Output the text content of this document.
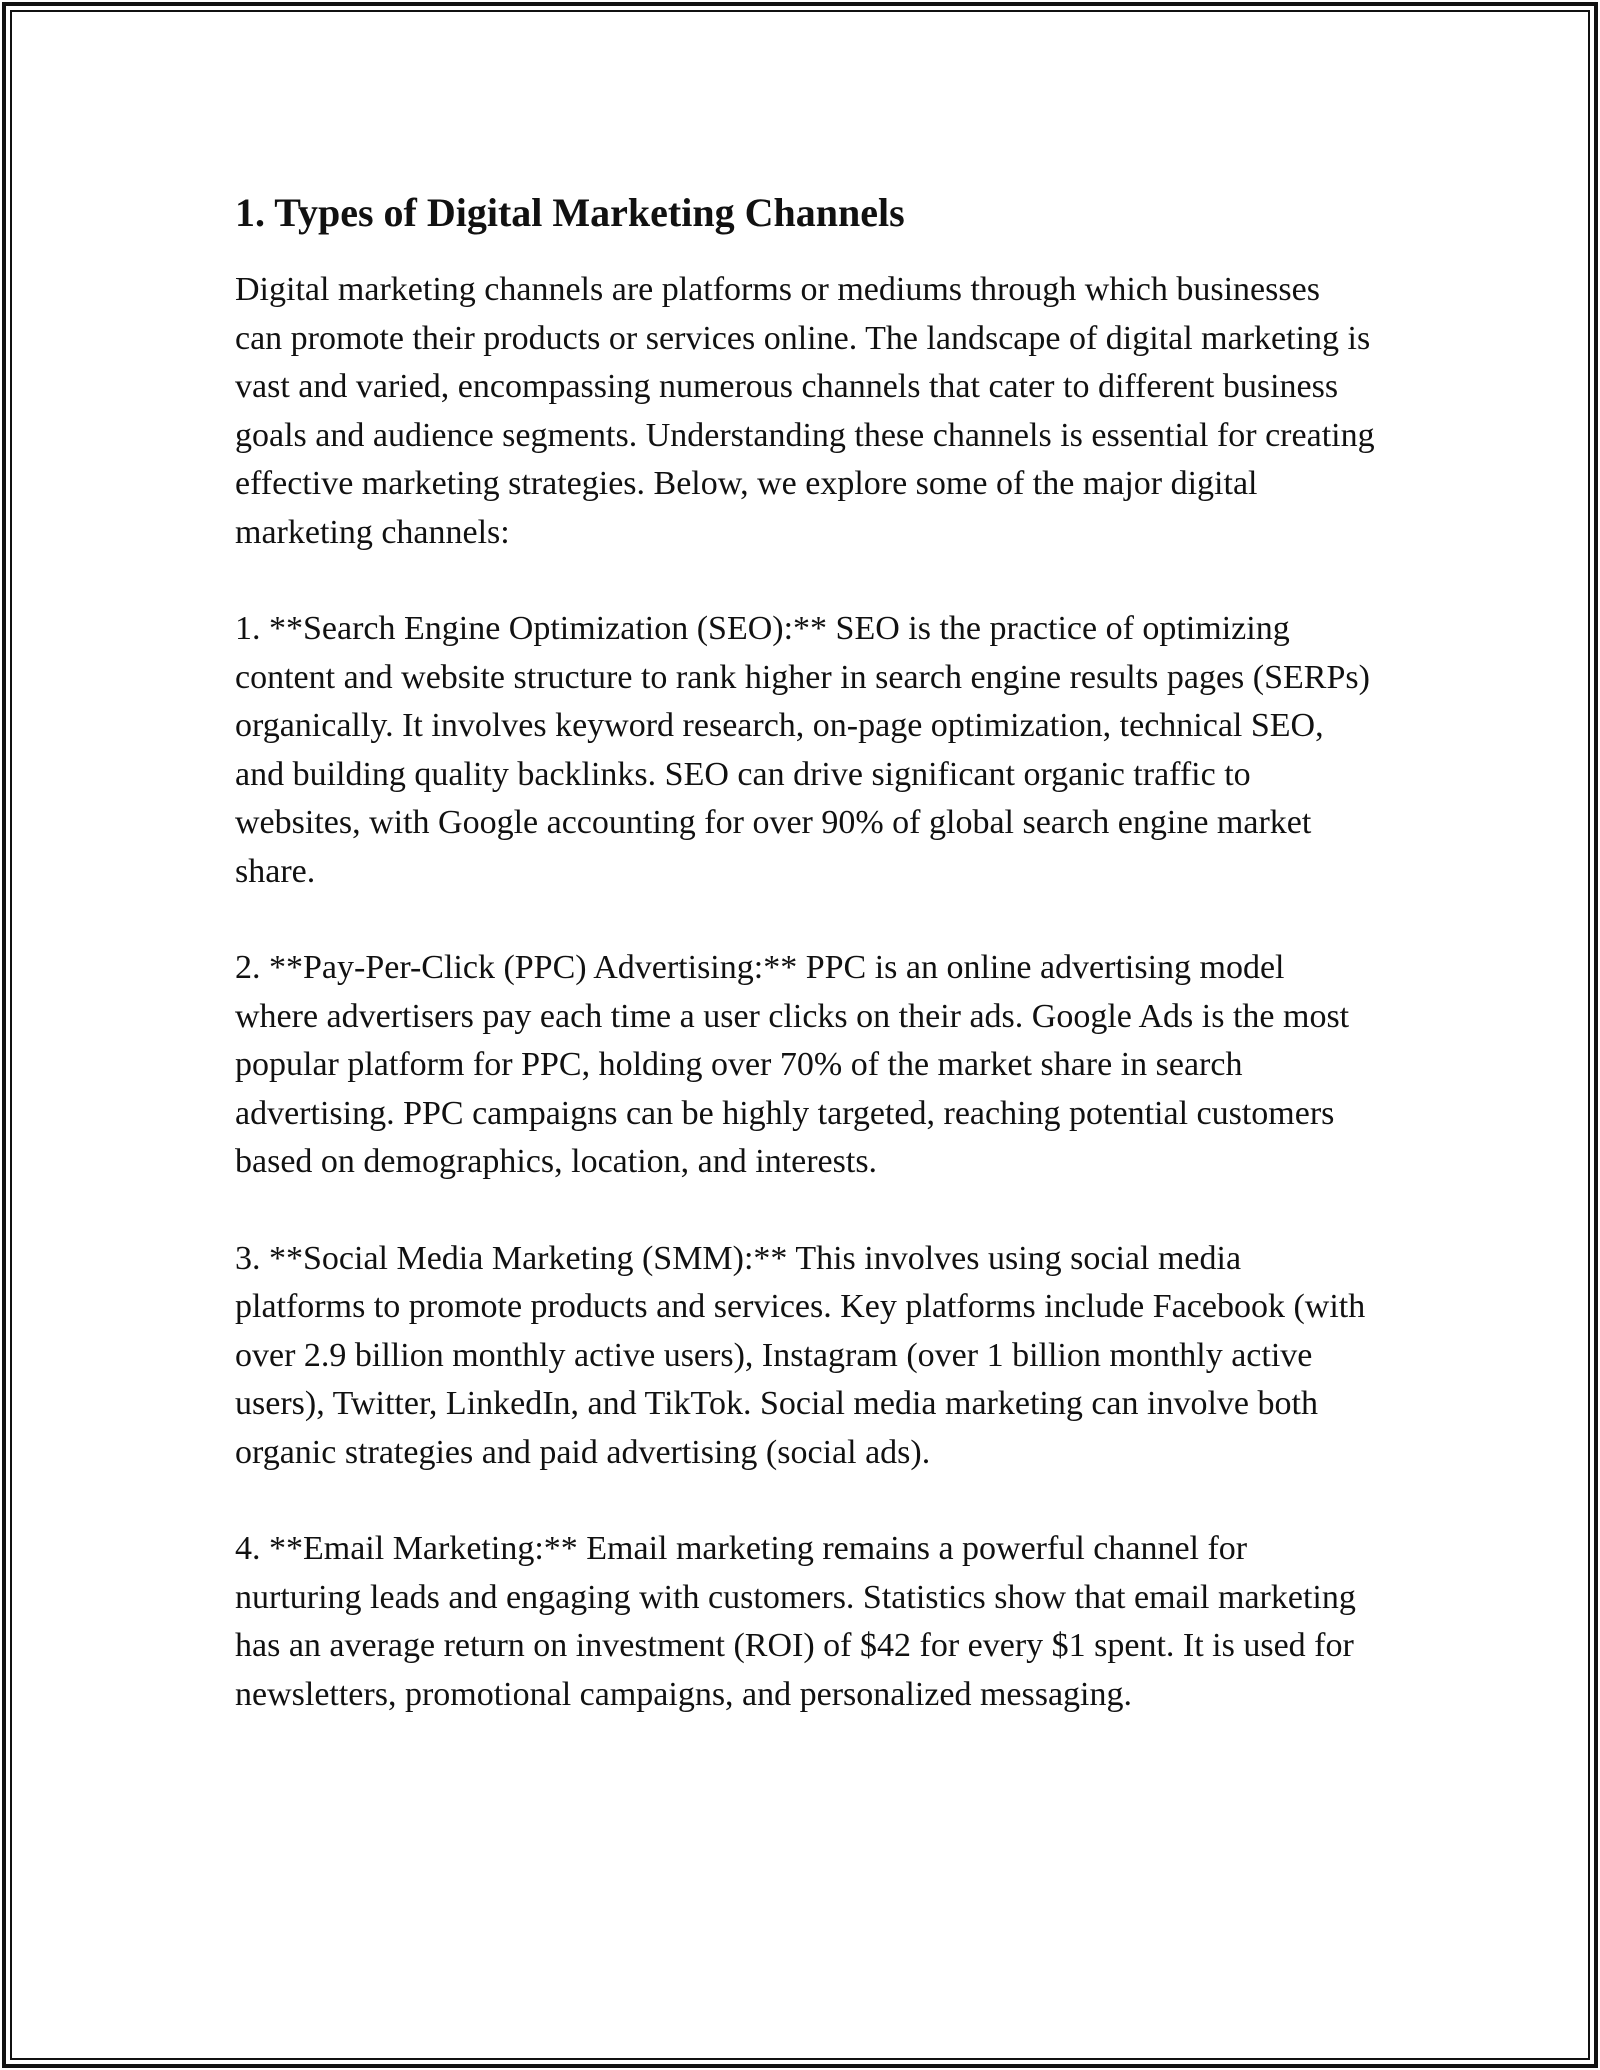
1. Types of Digital Marketing Channels

Digital marketing channels are platforms or mediums through which businesses can promote their products or services online. The landscape of digital marketing is vast and varied, encompassing numerous channels that cater to different business goals and audience segments. Understanding these channels is essential for creating effective marketing strategies. Below, we explore some of the major digital marketing channels:

1. **Search Engine Optimization (SEO):** SEO is the practice of optimizing content and website structure to rank higher in search engine results pages (SERPs) organically. It involves keyword research, on-page optimization, technical SEO, and building quality backlinks. SEO can drive significant organic traffic to websites, with Google accounting for over 90% of global search engine market share.

2. **Pay-Per-Click (PPC) Advertising:** PPC is an online advertising model where advertisers pay each time a user clicks on their ads. Google Ads is the most popular platform for PPC, holding over 70% of the market share in search advertising. PPC campaigns can be highly targeted, reaching potential customers based on demographics, location, and interests.

3. **Social Media Marketing (SMM):** This involves using social media platforms to promote products and services. Key platforms include Facebook (with over 2.9 billion monthly active users), Instagram (over 1 billion monthly active users), Twitter, LinkedIn, and TikTok. Social media marketing can involve both organic strategies and paid advertising (social ads).

4. **Email Marketing:** Email marketing remains a powerful channel for nurturing leads and engaging with customers. Statistics show that email marketing has an average return on investment (ROI) of $42 for every $1 spent. It is used for newsletters, promotional campaigns, and personalized messaging.
